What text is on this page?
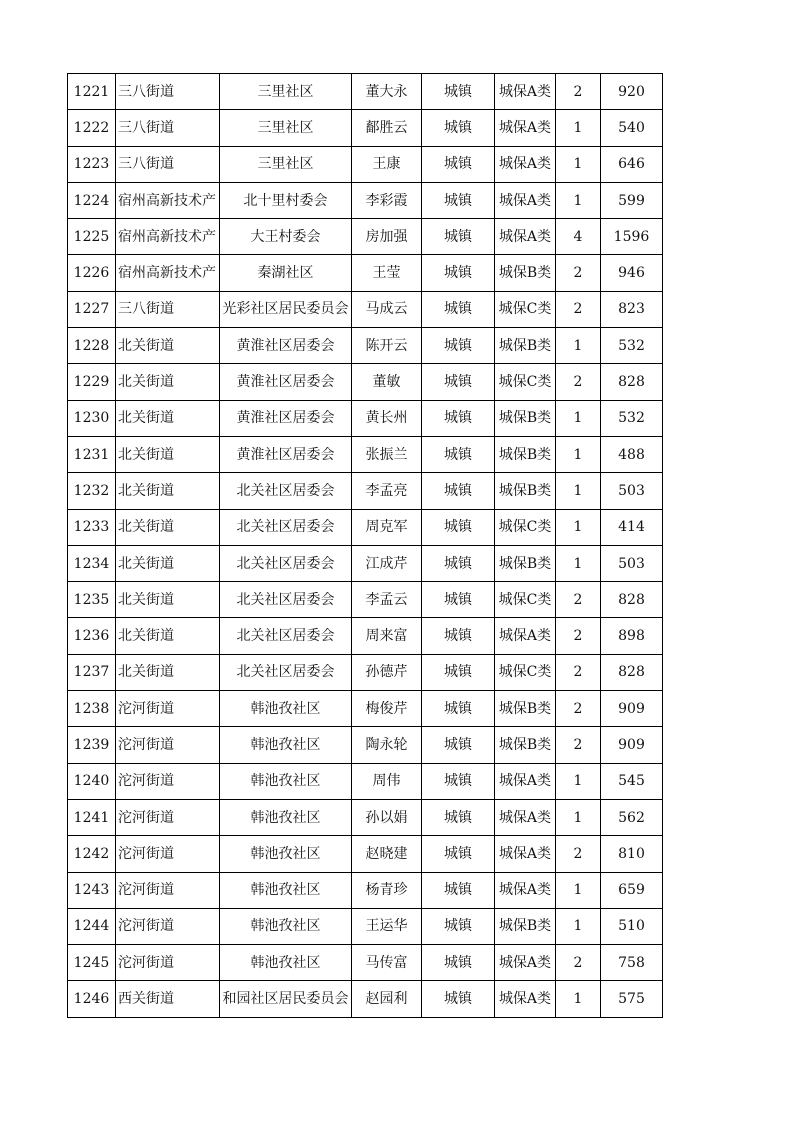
1221	三八街道	三里社区	董大永	城镇	城保A类	2	920
1222	三八街道	三里社区	鄐胜云	城镇	城保A类	1	540
1223	三八街道	三里社区	王康	城镇	城保A类	1	646
1224	宿州高新技术产	北十里村委会	李彩霞	城镇	城保A类	1	599
1225	宿州高新技术产	大王村委会	房加强	城镇	城保A类	4	1596
1226	宿州高新技术产	秦湖社区	王莹	城镇	城保B类	2	946
1227	三八街道	光彩社区居民委员会	马成云	城镇	城保C类	2	823
1228	北关街道	黄淮社区居委会	陈开云	城镇	城保B类	1	532
1229	北关街道	黄淮社区居委会	董敏	城镇	城保C类	2	828
1230	北关街道	黄淮社区居委会	黄长州	城镇	城保B类	1	532
1231	北关街道	黄淮社区居委会	张振兰	城镇	城保B类	1	488
1232	北关街道	北关社区居委会	李孟亮	城镇	城保B类	1	503
1233	北关街道	北关社区居委会	周克军	城镇	城保C类	1	414
1234	北关街道	北关社区居委会	江成芹	城镇	城保B类	1	503
1235	北关街道	北关社区居委会	李孟云	城镇	城保C类	2	828
1236	北关街道	北关社区居委会	周来富	城镇	城保A类	2	898
1237	北关街道	北关社区居委会	孙德芹	城镇	城保C类	2	828
1238	沱河街道	韩池孜社区	梅俊芹	城镇	城保B类	2	909
1239	沱河街道	韩池孜社区	陶永轮	城镇	城保B类	2	909
1240	沱河街道	韩池孜社区	周伟	城镇	城保A类	1	545
1241	沱河街道	韩池孜社区	孙以娟	城镇	城保A类	1	562
1242	沱河街道	韩池孜社区	赵晓建	城镇	城保A类	2	810
1243	沱河街道	韩池孜社区	杨青珍	城镇	城保A类	1	659
1244	沱河街道	韩池孜社区	王运华	城镇	城保B类	1	510
1245	沱河街道	韩池孜社区	马传富	城镇	城保A类	2	758
1246	西关街道	和园社区居民委员会	赵园利	城镇	城保A类	1	575
